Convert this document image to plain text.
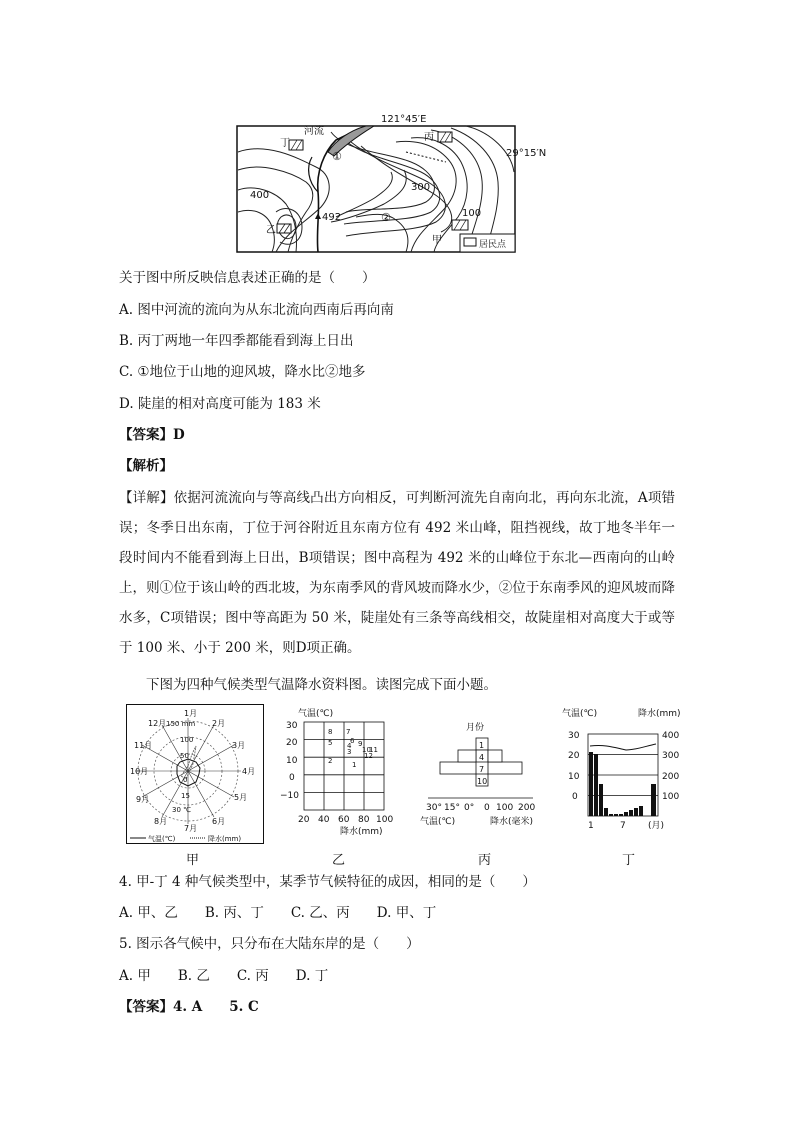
121°45′E
29°15′N
河流
丁
丙
乙
甲
①
②
400
300
100
492
居民点
关于图中所反映信息表述正确的是（　　）
A. 图中河流的流向为从东北流向西南后再向南
B. 丙丁两地一年四季都能看到海上日出
C. ①地位于山地的迎风坡，降水比②地多
D. 陡崖的相对高度可能为 183 米
【答案】D
【解析】
【详解】依据河流流向与等高线凸出方向相反，可判断河流先自南向北，再向东北流，A项错误；冬季日出东南，丁位于河谷附近且东南方位有 492 米山峰，阻挡视线，故丁地冬半年一段时间内不能看到海上日出，B项错误；图中高程为 492 米的山峰位于东北—西南向的山岭上，则①位于该山岭的西北坡，为东南季风的背风坡而降水少，②位于东南季风的迎风坡而降水多，C项错误；图中等高距为 50 米，陡崖处有三条等高线相交，故陡崖相对高度大于或等于 100 米、小于 200 米，则D项正确。
下图为四种气候类型气温降水资料图。读图完成下面小题。
1月
2月
3月
4月
5月
6月
7月
8月
9月
10月
11月
12月 150 mm
100
50
0
15
30 ℃
气温(℃)	降水(mm)
甲
气温(℃)
30
20
10
0
−10
20 40 60 80 100
降水(mm)
8 7
5	6
4 9
10
3	11
2	1
12
乙
月份
1
4
7
10
30° 15° 0° 0 100 200
气温(℃)	降水(毫米)
丙
气温(℃)	降水(mm)
30
20
10
0
400
300
200
100
1	7 (月)
丁
4. 甲-丁 4 种气候类型中，某季节气候特征的成因，相同的是（　　）
A. 甲、乙　　B. 丙、丁　　C. 乙、丙　　D. 甲、丁
5. 图示各气候中，只分布在大陆东岸的是（　　）
A. 甲　　B. 乙　　C. 丙　　D. 丁
【答案】4. A　　5. C
